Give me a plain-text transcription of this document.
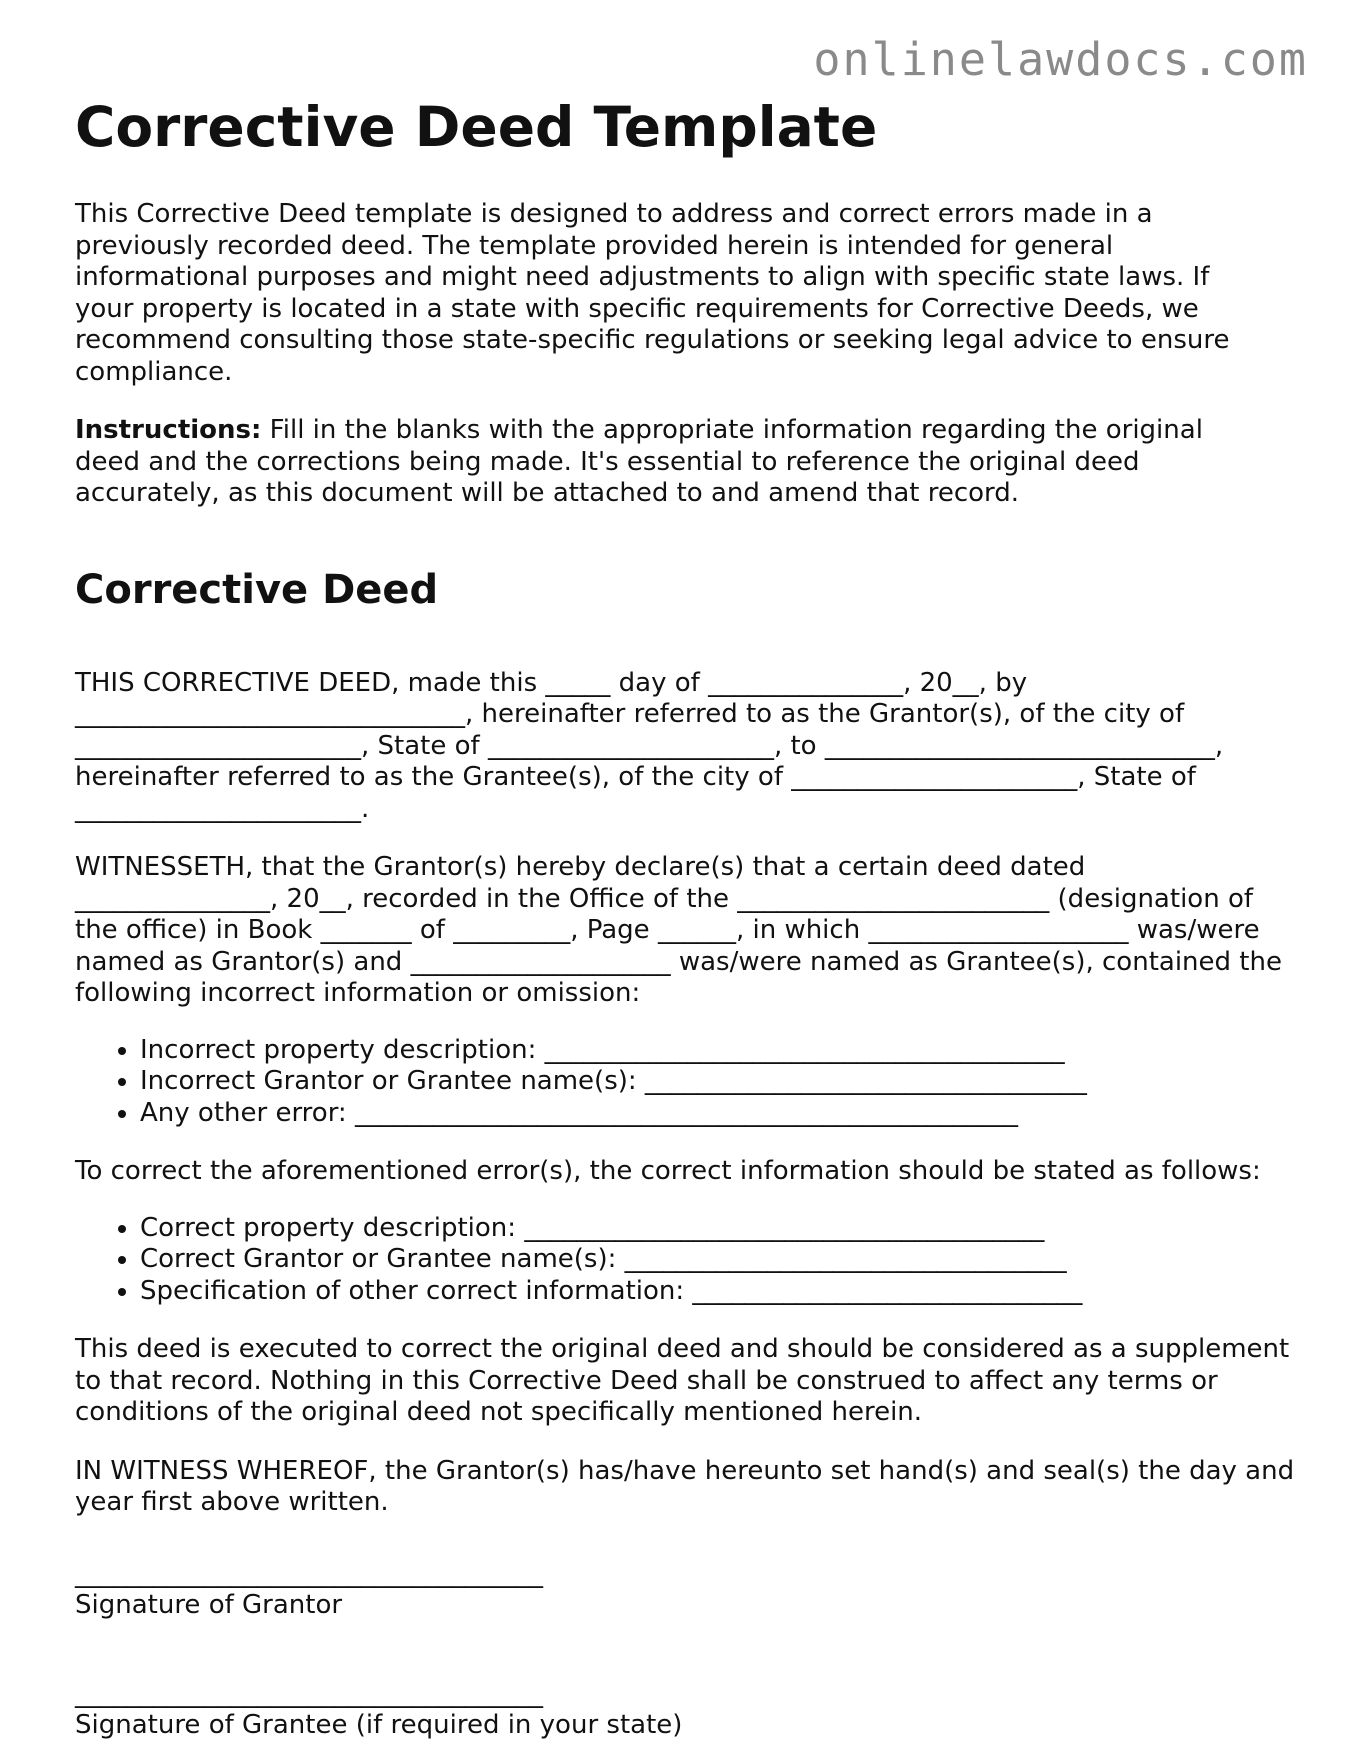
onlinelawdocs.com

Corrective Deed Template

This Corrective Deed template is designed to address and correct errors made in a previously recorded deed. The template provided herein is intended for general informational purposes and might need adjustments to align with specific state laws. If your property is located in a state with specific requirements for Corrective Deeds, we recommend consulting those state-specific regulations or seeking legal advice to ensure compliance.

Instructions: Fill in the blanks with the appropriate information regarding the original deed and the corrections being made. It's essential to reference the original deed accurately, as this document will be attached to and amend that record.

Corrective Deed

THIS CORRECTIVE DEED, made this _____ day of _______________, 20__, by ______________________________, hereinafter referred to as the Grantor(s), of the city of ______________________, State of ______________________, to ______________________________, hereinafter referred to as the Grantee(s), of the city of ______________________, State of ______________________.

WITNESSETH, that the Grantor(s) hereby declare(s) that a certain deed dated _______________, 20__, recorded in the Office of the ________________________ (designation of the office) in Book _______ of _________, Page ______, in which ____________________ was/were named as Grantor(s) and ____________________ was/were named as Grantee(s), contained the following incorrect information or omission:

• Incorrect property description: ________________________________________
• Incorrect Grantor or Grantee name(s): __________________________________
• Any other error: ___________________________________________________

To correct the aforementioned error(s), the correct information should be stated as follows:

• Correct property description: ________________________________________
• Correct Grantor or Grantee name(s): __________________________________
• Specification of other correct information: ______________________________

This deed is executed to correct the original deed and should be considered as a supplement to that record. Nothing in this Corrective Deed shall be construed to affect any terms or conditions of the original deed not specifically mentioned herein.

IN WITNESS WHEREOF, the Grantor(s) has/have hereunto set hand(s) and seal(s) the day and year first above written.

____________________________________

Signature of Grantor

____________________________________

Signature of Grantee (if required in your state)
